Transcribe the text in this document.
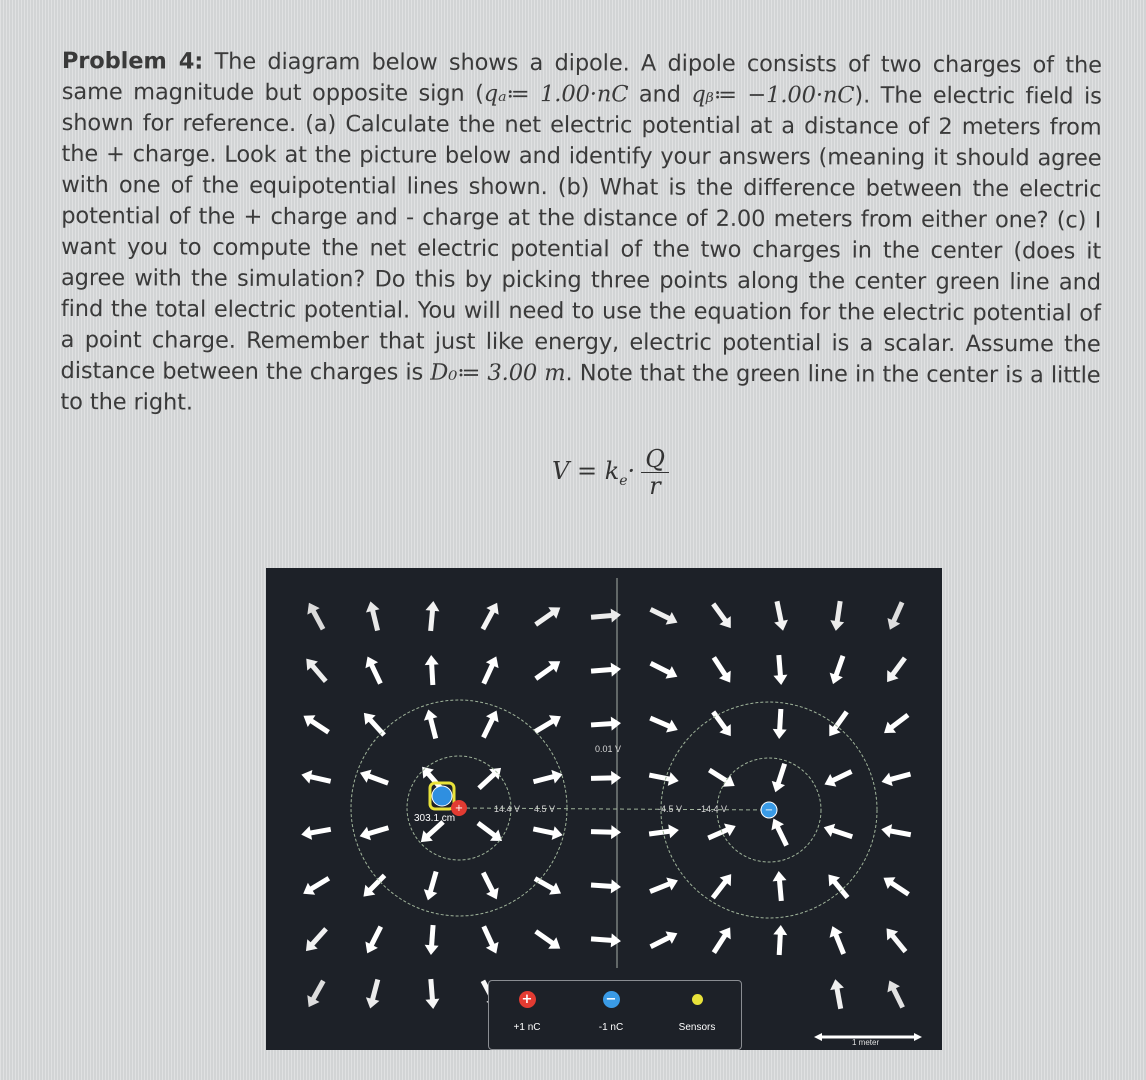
Problem 4: The diagram below shows a dipole. A dipole consists of two charges of the same magnitude but opposite sign (qₐ≔ 1.00·nC and qᵦ≔ −1.00·nC). The electric field is shown for reference. (a) Calculate the net electric potential at a distance of 2 meters from the + charge. Look at the picture below and identify your answers (meaning it should agree with one of the equipotential lines shown. (b) What is the difference between the electric potential of the + charge and - charge at the distance of 2.00 meters from either one? (c) I want you to compute the net electric potential of the two charges in the center (does it agree with the simulation? Do this by picking three points along the center green line and find the total electric potential. You will need to use the equation for the electric potential of a point charge. Remember that just like energy, electric potential is a scalar. Assume the distance between the charges is D₀≔ 3.00 m. Note that the green line in the center is a little to the right.
$V = k_e\cdot \frac{Q}{r}$
+	−
0.01 V
14.4 V 4.5 V	-4.5 V -14.4 V
303.1 cm
+
+1 nC
−
-1 nC	Sensors
1 meter
